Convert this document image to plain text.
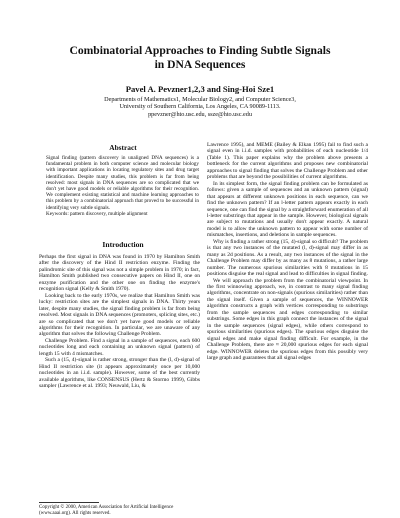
Combinatorial Approaches to Finding Subtle Signals
in DNA Sequences
Pavel A. Pevzner1,2,3 and Sing-Hoi Sze1
Departments of Mathematics1, Molecular Biology2, and Computer Science3,
University of Southern California, Los Angeles, CA 90089-1113.
ppevzner@hto.usc.edu, ssze@hto.usc.edu
Abstract

Signal finding (pattern discovery in unaligned DNA sequences) is a fundamental problem in both computer science and molecular biology with important applications in locating regulatory sites and drug target identification. Despite many studies, this problem is far from being resolved: most signals in DNA sequences are so complicated that we don't yet have good models or reliable algorithms for their recognition. We complement existing statistical and machine learning approaches to this problem by a combinatorial approach that proved to be successful in identifying very subtle signals.

Keywords: pattern discovery, multiple alignment

Introduction

Perhaps the first signal in DNA was found in 1970 by Hamilton Smith after the discovery of the Hind II restriction enzyme. Finding the palindromic site of this signal was not a simple problem in 1970; in fact, Hamilton Smith published two consecutive papers on Hind II, one on enzyme purification and the other one on finding the enzyme's recognition signal (Kelly & Smith 1970).

Looking back to the early 1970s, we realize that Hamilton Smith was lucky: restriction sites are the simplest signals in DNA. Thirty years later, despite many studies, the signal finding problem is far from being resolved. Most signals in DNA sequences (promoters, splicing sites, etc.) are so complicated that we don't yet have good models or reliable algorithms for their recognition. In particular, we are unaware of any algorithm that solves the following Challenge Problem.

Challenge Problem. Find a signal in a sample of sequences, each 600 nucleotides long and each containing an unknown signal (pattern) of length 15 with 4 mismatches.

Such a (15, 4)-signal is rather strong, stronger than the (l, d)-signal of Hind II restriction site (it appears approximately once per 10,000 nucleotides in an i.i.d. sample). However, some of the best currently available algorithms, like CONSENSUS (Hertz & Stormo 1999), Gibbs sampler (Lawrence et al. 1993; Neuwald, Liu, &

Copyright © 2000, American Association for Artificial Intelligence (www.aaai.org). All rights reserved.

Lawrence 1995), and MEME (Bailey & Elkan 1995) fail to find such a signal even in i.i.d. samples with probabilities of each nucleotide 1/4 (Table 1). This paper explains why the problem above presents a bottleneck for the current algorithms and proposes new combinatorial approaches to signal finding that solves the Challenge Problem and other problems that are beyond the possibilities of current algorithms.

In its simplest form, the signal finding problem can be formulated as follows: given a sample of sequences and an unknown pattern (signal) that appears at different unknown positions in each sequence, can we find the unknown pattern? If an l-letter pattern appears exactly in each sequence, one can find the signal by a straightforward enumeration of all l-letter substrings that appear in the sample. However, biological signals are subject to mutations and usually don't appear exactly. A natural model is to allow the unknown pattern to appear with some number of mismatches, insertions, and deletions in sample sequences.

Why is finding a rather strong (15, 4)-signal so difficult? The problem is that any two instances of the mutated (l, d)-signal may differ in as many as 2d positions. As a result, any two instances of the signal in the Challenge Problem may differ by as many as 8 mutations, a rather large number. The numerous spurious similarities with 8 mutations in 15 positions disguise the real signal and lead to difficulties in signal finding.

We will approach the problem from the combinatorial viewpoint. In the first winnowing approach, we, in contrast to many signal finding algorithms, concentrate on non-signals (spurious similarities) rather than the signal itself. Given a sample of sequences, the WINNOWER algorithm constructs a graph with vertices corresponding to substrings from the sample sequences and edges corresponding to similar substrings. Some edges in this graph connect the instances of the signal in the sample sequences (signal edges), while others correspond to spurious similarities (spurious edges). The spurious edges disguise the signal edges and make signal finding difficult. For example, in the Challenge Problem, there are ≈ 20,000 spurious edges for each signal edge. WINNOWER deletes the spurious edges from this possibly very large graph and guarantees that all signal edges
